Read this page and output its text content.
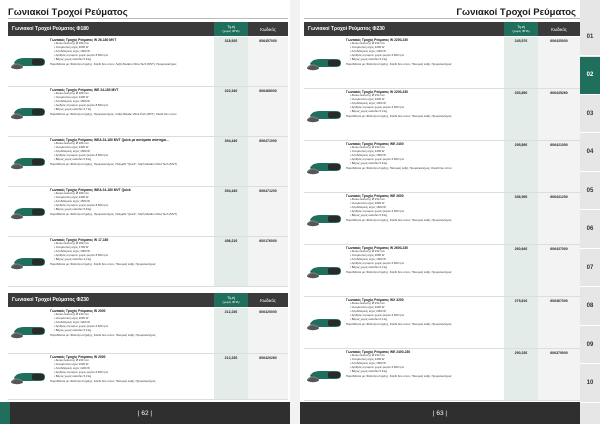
Γωνιακοί Τροχοί Ρεύματος
Γωνιακοί Τροχοί Ρεύματος Φ180	Τιμή
(χωρίς ΦΠΑ)	Κωδικός
Γωνιακός Τροχός Ρεύματος W 26-180 MVT
▪ Δίσκοι λείανσης Ø 180 mm
▪ Ονομαστική ισχύς 2600 W
▪ Αποδιδόμενη ισχύς 1600 W
▪ Αριθμός στροφών χωρίς φορτίο 8.500 rpm
▪ Βάρος χωρίς καλώδιο 5,8 kg
Παραδίδεται με: Φλάντζα στήριξης, Κλειδί δύο οπών, Λαβή Metabo Vibra Tech (MVT), Προφυλακτήρας
318,92€	606457000
Γωνιακός Τροχός Ρεύματος WE 24-180 MVT
▪ Δίσκοι λείανσης Ø 180 mm
▪ Ονομαστική ισχύς 2400 W
▪ Αποδιδόμενη ισχύς 1500 W
▪ Αριθμός στροφών χωρίς φορτίο 8.500 rpm
▪ Βάρος χωρίς καλώδιο 5,7 kg
Παραδίδεται με: Φλάντζα στήριξης, Προφυλακτήρας, Λαβή Metabo Vibra Tech (MVT), Κλειδί δύο οπών
322,34€	606468000
Γωνιακός Τροχός Ρεύματος WEA 24-180 MVT Quick με αυτόματο σύστημα...
▪ Δίσκοι λείανσης Ø 180 mm
▪ Ονομαστική ισχύς 2400 W
▪ Αποδιδόμενη ισχύς 1500 W
▪ Αριθμός στροφών χωρίς φορτίο 8.500 rpm
▪ Βάρος χωρίς καλώδιο 5,8 kg
Παραδίδεται με: Φλάντζα στήριξης, Προφυλακτήρας, Παξιμάδι "Quick", Λαβή Metabo Vibra Tech (MVT)
394,44€	606471000
Γωνιακός Τροχός Ρεύματος WEA 24-180 MVT Quick
▪ Δίσκοι λείανσης Ø 180 mm
▪ Ονομαστική ισχύς 2400 W
▪ Αποδιδόμενη ισχύς 1500 W
▪ Αριθμός στροφών χωρίς φορτίο 8.500 rpm
▪ Βάρος χωρίς καλώδιο 5,8 kg
Παραδίδεται με: Φλάντζα στήριξης, Προφυλακτήρας, Παξιμάδι "Quick", Λαβή Metabo Vibra Tech (MVT)
394,44€	606471200
Γωνιακός Τροχός Ρεύματος W 17-180
▪ Δίσκοι λείανσης Ø 180 mm
▪ Ονομαστική ισχύς 1700 W
▪ Αποδιδόμενη ισχύς 1050 W
▪ Αριθμός στροφών χωρίς φορτίο 8.500 rpm
▪ Βάρος χωρίς καλώδιο 4,2 kg
Παραδίδεται με: Φλάντζα στήριξης, Κλειδί δύο οπών, Πλευρική λαβή, Προφυλακτήρας
456,21€	600176000
Γωνιακοί Τροχοί Ρεύματος Φ230	Τιμή
(χωρίς ΦΠΑ)	Κωδικός
Γωνιακός Τροχός Ρεύματος W 2000
▪ Δίσκοι λείανσης Ø 230 mm
▪ Ονομαστική ισχύς 2000 W
▪ Αποδιδόμενη ισχύς 1200 W
▪ Αριθμός στροφών χωρίς φορτίο 6.600 rpm
▪ Βάρος χωρίς καλώδιο 5,3 kg
Παραδίδεται με: Φλάντζα στήριξης, Κλειδί δύο οπών, Πλευρική λαβή, Προφυλακτήρας
212,23€	606420000
Γωνιακός Τροχός Ρεύματος W 2000
▪ Δίσκοι λείανσης Ø 230 mm
▪ Ονομαστική ισχύς 2000 W
▪ Αποδιδόμενη ισχύς 1200 W
▪ Αριθμός στροφών χωρίς φορτίο 6.600 rpm
▪ Βάρος χωρίς καλώδιο 5,3 kg
Παραδίδεται με: Φλάντζα στήριξης, Κλειδί δύο οπών, Πλευρική λαβή, Προφυλακτήρας
212,23€	606420260
| 62 |
Γωνιακοί Τροχοί Ρεύματος
Γωνιακοί Τροχοί Ρεύματος Φ230	Τιμή
(χωρίς ΦΠΑ)	Κωδικός
Γωνιακός Τροχός Ρεύματος W 2200-230
▪ Δίσκοι λείανσης Ø 230 mm
▪ Ονομαστική ισχύς 2200 W
▪ Αποδιδόμενη ισχύς 1300 W
▪ Αριθμός στροφών χωρίς φορτίο 6.600 rpm
▪ Βάρος χωρίς καλώδιο 5,3 kg
Παραδίδεται με: Φλάντζα στήριξης, Κλειδί δύο οπών, Πλευρική λαβή, Προφυλακτήρας
245,57€	606435000
Γωνιακός Τροχός Ρεύματος W 2200-230
▪ Δίσκοι λείανσης Ø 230 mm
▪ Ονομαστική ισχύς 2200 W
▪ Αποδιδόμενη ισχύς 1300 W
▪ Αριθμός στροφών χωρίς φορτίο 6.600 rpm
▪ Βάρος χωρίς καλώδιο 5,3 kg
Παραδίδεται με: Φλάντζα στήριξης, Κλειδί δύο οπών, Πλευρική λαβή, Προφυλακτήρας
253,85€	606435260
Γωνιακός Τροχός Ρεύματος WE 2400
▪ Δίσκοι λείανσης Ø 230 mm
▪ Ονομαστική ισχύς 2400 W
▪ Αποδιδόμενη ισχύς 1500 W
▪ Αριθμός στροφών χωρίς φορτίο 6.600 rpm
▪ Βάρος χωρίς καλώδιο 5,8 kg
Παραδίδεται με: Φλάντζα στήριξης, Πλευρική λαβή, Προφυλακτήρας, Κλειδί δύο οπών
295,89€	606421000
Γωνιακός Τροχός Ρεύματος WE 2600
▪ Δίσκοι λείανσης Ø 230 mm
▪ Ονομαστική ισχύς 2600 W
▪ Αποδιδόμενη ισχύς 1600 W
▪ Αριθμός στροφών χωρίς φορτίο 6.600 rpm
▪ Βάρος χωρίς καλώδιο 5,8 kg
Παραδίδεται με: Φλάντζα στήριξης, Κλειδί δύο οπών, Πλευρική λαβή, Προφυλακτήρας
336,99€	606431200
Γωνιακός Τροχός Ρεύματος W 2600-230
▪ Δίσκοι λείανσης Ø 230 mm
▪ Ονομαστική ισχύς 2600 W
▪ Αποδιδόμενη ισχύς 1600 W
▪ Αριθμός στροφών χωρίς φορτίο 6.600 rpm
▪ Βάρος χωρίς καλώδιο 6,2 kg
Παραδίδεται με: Φλάντζα στήριξης, Κλειδί δύο οπών, Πλευρική λαβή, Προφυλακτήρας
260,64€	606437000
Γωνιακός Τροχός Ρεύματος WX 3200
▪ Δίσκοι λείανσης Ø 230 mm
▪ Ονομαστική ισχύς 3200 W
▪ Αποδιδόμενη ισχύς 2000 W
▪ Αριθμός στροφών χωρίς φορτίο 6.600 rpm
▪ Βάρος χωρίς καλώδιο 6,4 kg
Παραδίδεται με: Φλάντζα στήριξης, Κλειδί δύο οπών, Πλευρική λαβή, Προφυλακτήρας
279,81€	606367000
Γωνιακός Τροχός Ρεύματος WE 2400-230
▪ Δίσκοι λείανσης Ø 230 mm
▪ Ονομαστική ισχύς 2400 W
▪ Αποδιδόμενη ισχύς 1500 W
▪ Αριθμός στροφών χωρίς φορτίο 6.600 rpm
▪ Βάρος χωρίς καλώδιο 5,8 kg
Παραδίδεται με: Φλάντζα στήριξης, Κλειδί δύο οπών, Πλευρική λαβή, Προφυλακτήρας
290,23€	606379000
| 63 |
01
02
03
04
05
06
07
08
09
10
